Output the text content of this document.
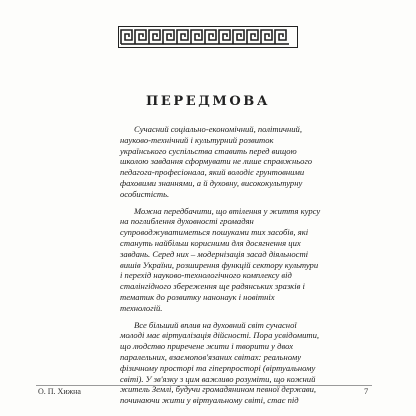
ПЕРЕДМОВА
Сучасний соціально-економічний, політичний,
науково-технічний і культурний розвиток
українського суспільства ставить перед вищою
школою завдання сформувати не лише справжнього
педагога-професіонала, який володіє грунтовними
фаховими знаннями, а й духовну, висококультурну
особистість.
Можна передбачити, що втілення у життя курсу
на поглиблення духовності громадян
супроводжуватиметься пошуками тих засобів, які
стануть найбільш корисними для досягнення цих
завдань. Серед них – модернізація засад діяльності
вишів України, розширення функцій сектору культури
і перехід науково-технологічного комплексу від
сталінгідного збереження ще радянських зразків і
тематик до розвитку нанонаук і новітніх
технологій.
Все більший вплив на духовний світ сучасної
молоді має віртуалізація дійсності. Пора усвідомити,
що людство приречене жити і творити у двох
паралельних, взаємопов'язаних світах: реальному
фізичному просторі та гіперпросторі (віртуальному
світі). У зв'язку з цим важливо розуміти, що кожний
житель Землі, будучи громадянином певної держави,
починаючи жити у віртуальному світі, стає під
О. П. Хижна	7
